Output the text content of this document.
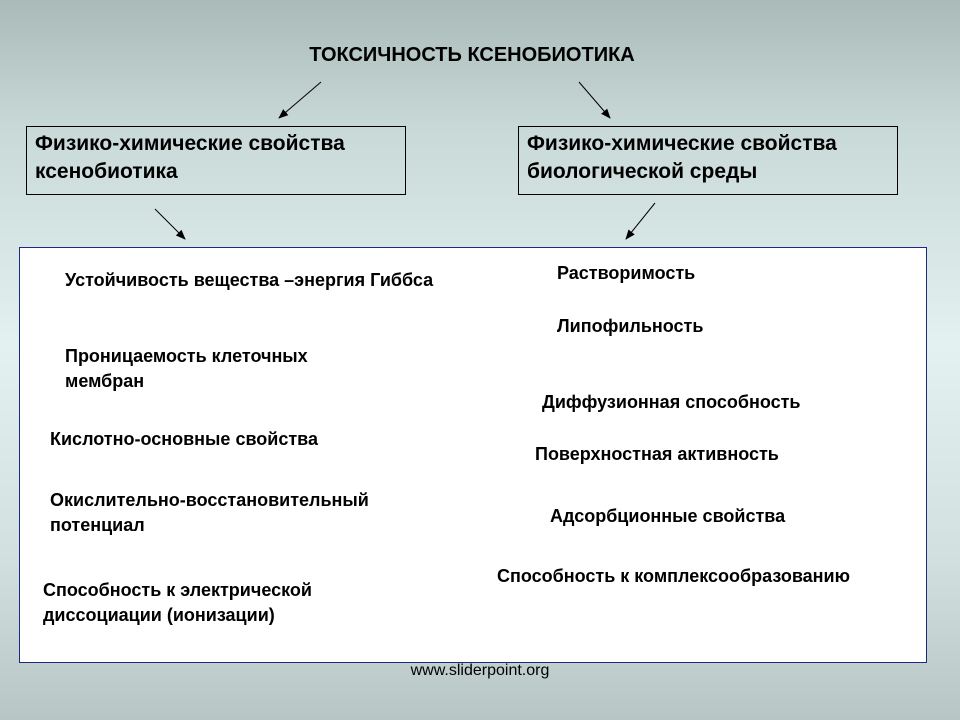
ТОКСИЧНОСТЬ КСЕНОБИОТИКА
Физико-химические свойства ксенобиотика
Физико-химические свойства биологической среды
Устойчивость вещества –энергия Гиббса
Проницаемость клеточных мембран
Кислотно-основные свойства
Окислительно-восстановительный потенциал
Способность к электрической диссоциации (ионизации)
Растворимость
Липофильность
Диффузионная способность
Поверхностная активность
Адсорбционные свойства
Способность к комплексообразованию
www.sliderpoint.org
